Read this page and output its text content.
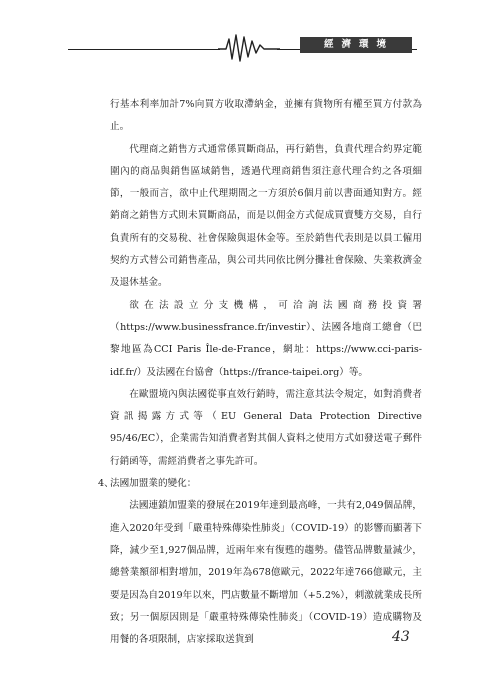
經濟環境

行基本利率加計7%向買方收取滯納金，並擁有貨物所有權至買方付款為止。

代理商之銷售方式通常係買斷商品，再行銷售，負責代理合約界定範圍內的商品與銷售區域銷售，透過代理商銷售須注意代理合約之各項細節，一般而言，欲中止代理期間之一方須於6個月前以書面通知對方。經銷商之銷售方式則未買斷商品，而是以佣金方式促成買賣雙方交易，自行負責所有的交易稅、社會保險與退休金等。至於銷售代表則是以員工僱用契約方式替公司銷售產品，與公司共同依比例分攤社會保險、失業救濟金及退休基金。

欲在法設立分支機構，可洽詢法國商務投資署（https://www.businessfrance.fr/investir）、法國各地商工總會（巴黎地區為CCI Paris Île-de-France，網址：https://www.cci-paris-idf.fr/）及法國在台協會（https://france-taipei.org）等。

在歐盟境內與法國從事直效行銷時，需注意其法令規定，如對消費者資訊揭露方式等（EU General Data Protection Directive 95/46/EC），企業需告知消費者對其個人資料之使用方式如發送電子郵件行銷函等，需經消費者之事先許可。

4、
法國加盟業的變化：

法國連鎖加盟業的發展在2019年達到最高峰，一共有2,049個品牌，進入2020年受到「嚴重特殊傳染性肺炎」（COVID-19）的影響而顯著下降，減少至1,927個品牌，近兩年來有復甦的趨勢。儘管品牌數量減少，總營業額卻相對增加，2019年為678億歐元，2022年達766億歐元，主要是因為自2019年以來，門店數量不斷增加（+5.2%），刺激就業成長所致；另一個原因則是「嚴重特殊傳染性肺炎」（COVID-19）造成購物及用餐的各項限制，店家採取送貨到	43
